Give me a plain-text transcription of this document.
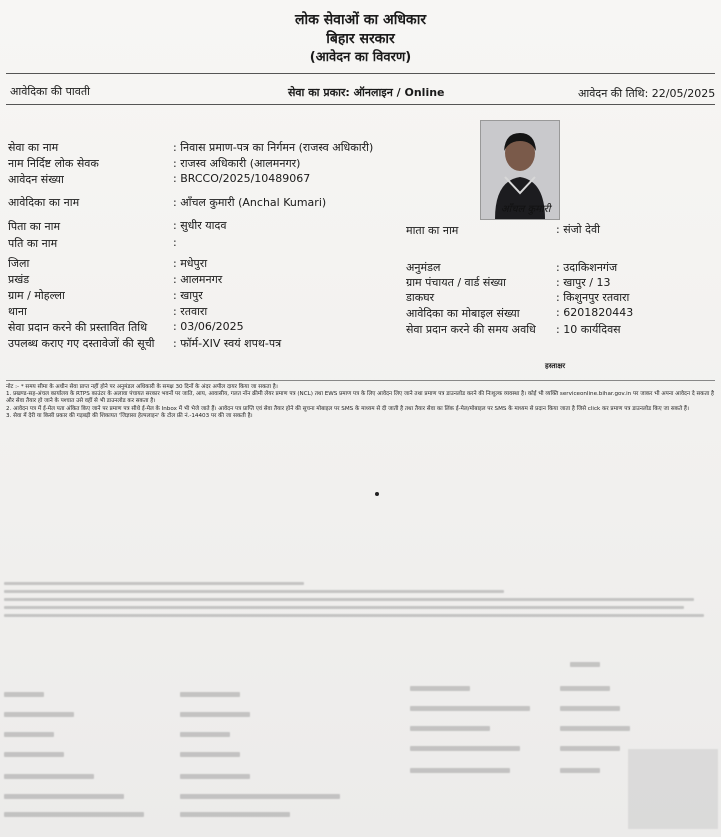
लोक सेवाओं का अधिकार
बिहार सरकार
(आवेदन का विवरण)
आवेदिका की पावती	सेवा का प्रकार: ऑनलाइन / Online	आवेदन की तिथि: 22/05/2025
सेवा का नाम	: निवास प्रमाण-पत्र का निर्गमन (राजस्व अधिकारी)
नाम निर्दिष्ट लोक सेवक	: राजस्व अधिकारी (आलमनगर)
आवेदन संख्या	: BRCCO/2025/10489067
आवेदिका का नाम	: आँचल कुमारी (Anchal Kumari)
पिता का नाम	: सुधीर यादव	माता का नाम	: संजो देवी
पति का नाम	:
जिला	: मधेपुरा	अनुमंडल	: उदाकिशनगंज
प्रखंड	: आलमनगर	ग्राम पंचायत / वार्ड संख्या	: खापुर / 13
ग्राम / मोहल्ला	: खापुर	डाकघर	: किशुनपुर रतवारा
थाना	: रतवारा	आवेदिका का मोबाइल संख्या	: 6201820443
सेवा प्रदान करने की प्रस्तावित तिथि : 03/06/2025	सेवा प्रदान करने की समय अवधि : 10 कार्यदिवस
उपलब्ध कराए गए दस्तावेजों की सूची : फॉर्म-XIV स्वयं शपथ-पत्र
आँचल कुमारी
हस्ताक्षर

नोट :- * समय सीमा के अधीन सेवा प्राप्त नहीं होने पर अनुमंडल अधिकारी के समक्ष 30 दिनों के अंदर अपील दायर किया जा सकता है।

1. प्रखण्ड-सह-अंचल कार्यालय के RTPS काउंटर के अलावा पंचायत सरकार भवनों पर जाति, आय, आवासीय, गलत नॉन क्रीमी लेयर प्रमाण पत्र (NCL) तथा EWS प्रमाण पत्र के लिए आवेदन लिए जाने तथा प्रमाण पत्र डाउनलोड करने की निःशुल्क व्यवस्था है। कोई भी व्यक्ति serviceonline.bihar.gov.in पर जाकर भी अपना आवेदन दे सकता है और सेवा तैयार हो जाने के पश्चात उसे वहीं से भी डाउनलोड कर सकता है।

2. आवेदन पत्र में ई-मेल पता अंकित किए जाने पर प्रमाण पत्र सीधे ई-मेल के Inbox में भी भेजे जाते हैं। आवेदन पत्र प्राप्ति एवं सेवा तैयार होने की सूचना मोबाइल पर SMS के माध्यम से दी जाती है तथा तैयार सेवा का लिंक ई-मेल/मोबाइल पर SMS के माध्यम से प्रदान किया जाता है जिसे click कर प्रमाण पत्र डाउनलोड किए जा सकते हैं।

3. सेवा में देरी या किसी प्रकार की गड़बड़ी की शिकायत 'जिज्ञासा हेल्पलाइन' के टोल फ्री नं.-14403 पर की जा सकती है।
